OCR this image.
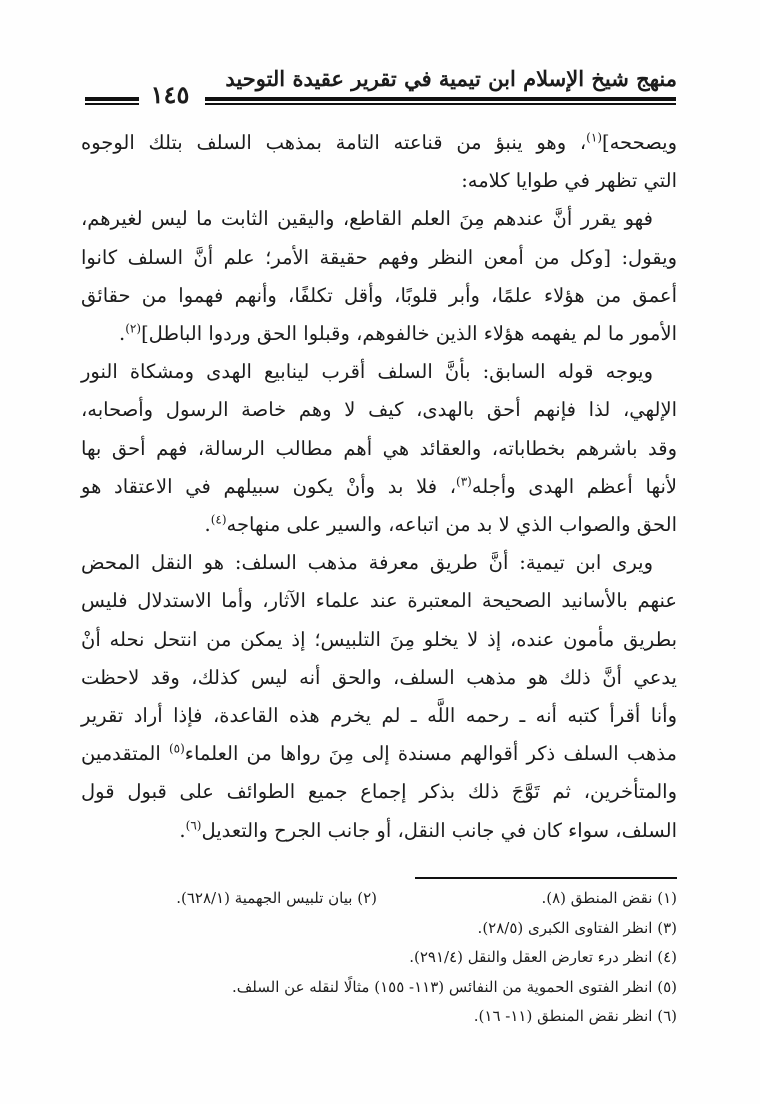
منهج شيخ الإسلام ابن تيمية في تقرير عقيدة التوحيد
١٤٥

ويصححه]$^{(١)}$، وهو ينبؤ من قناعته التامة بمذهب السلف بتلك الوجوه
التي تظهر في طوايا كلامه:

فهو يقرر أنَّ عندهم مِنَ العلم القاطع، واليقين الثابت ما ليس لغيرهم،
ويقول: [وكل من أمعن النظر وفهم حقيقة الأمر؛ علم أنَّ السلف كانوا
أعمق من هؤلاء علمًا، وأبر قلوبًا، وأقل تكلفًا، وأنهم فهموا من حقائق
الأمور ما لم يفهمه هؤلاء الذين خالفوهم، وقبلوا الحق وردوا الباطل]$^{(٢)}$.

ويوجه قوله السابق: بأنَّ السلف أقرب لينابيع الهدى ومشكاة النور
الإلهي، لذا فإنهم أحق بالهدى، كيف لا وهم خاصة الرسول وأصحابه،
وقد باشرهم بخطاباته، والعقائد هي أهم مطالب الرسالة، فهم أحق بها
لأنها أعظم الهدى وأجله$^{(٣)}$، فلا بد وأنْ يكون سبيلهم في الاعتقاد هو
الحق والصواب الذي لا بد من اتباعه، والسير على منهاجه$^{(٤)}$.

ويرى ابن تيمية: أنَّ طريق معرفة مذهب السلف: هو النقل المحض
عنهم بالأسانيد الصحيحة المعتبرة عند علماء الآثار، وأما الاستدلال فليس
بطريق مأمون عنده، إذ لا يخلو مِنَ التلبيس؛ إذ يمكن من انتحل نحله أنْ
يدعي أنَّ ذلك هو مذهب السلف، والحق أنه ليس كذلك، وقد لاحظت
وأنا أقرأ كتبه أنه ـ رحمه اللَّه ـ لم يخرم هذه القاعدة، فإذا أراد تقرير
مذهب السلف ذكر أقوالهم مسندة إلى مِنَ رواها من العلماء$^{(٥)}$ المتقدمين
والمتأخرين، ثم تَوَّجَ ذلك بذكر إجماع جميع الطوائف على قبول قول
السلف، سواء كان في جانب النقل، أو جانب الجرح والتعديل$^{(٦)}$.

(١) نقض المنطق (٨).
(٢) بيان تلبيس الجهمية (٦٢٨/١).
(٣) انظر الفتاوى الكبرى (٢٨/٥).
(٤) انظر درء تعارض العقل والنقل (٢٩١/٤).
(٥) انظر الفتوى الحموية من النفائس (١١٣- ١٥٥) مثالًا لنقله عن السلف.
(٦) انظر نقض المنطق (١١- ١٦).
